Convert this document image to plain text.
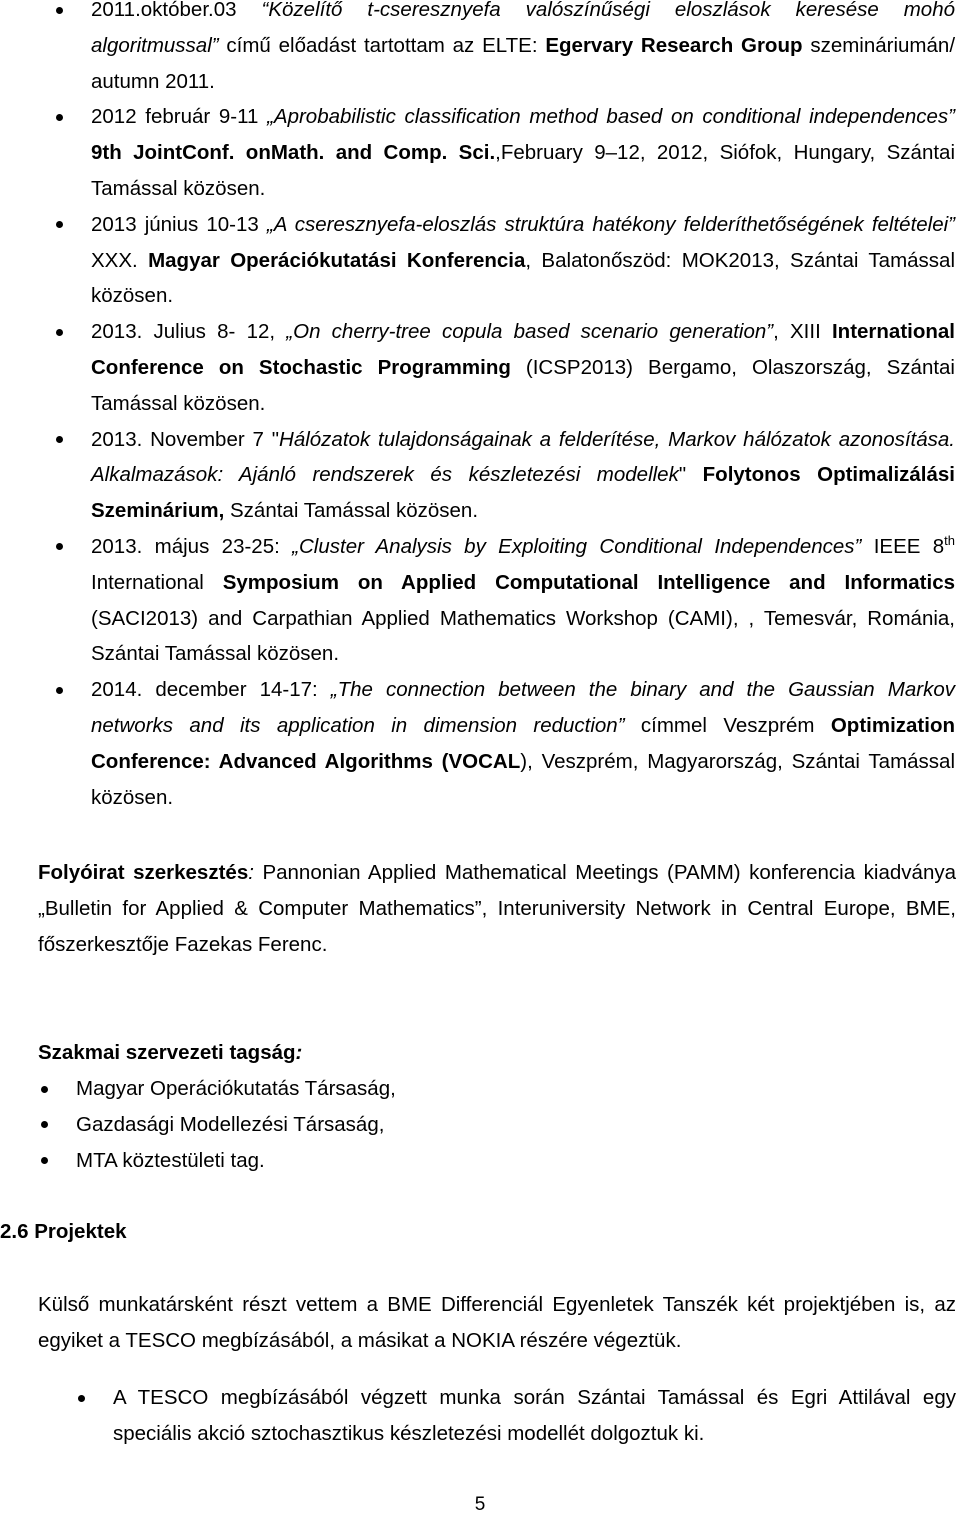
2011.október.03 “Közelítő t-cseresznyefa valószínűségi eloszlások keresése mohó algoritmussal” című előadást tartottam az ELTE: Egervary Research Group szemináriumán/ autumn 2011.
2012 február 9-11 „Aprobabilistic classification method based on conditional independences” 9th JointConf. onMath. and Comp. Sci.,February 9–12, 2012, Siófok, Hungary, Szántai Tamással közösen.
2013 június 10-13 „A cseresznyefa-eloszlás struktúra hatékony felderíthetőségének feltételei” XXX. Magyar Operációkutatási Konferencia, Balatonőszöd: MOK2013, Szántai Tamással közösen.
2013. Julius 8- 12, „On cherry-tree copula based scenario generation”, XIII International Conference on Stochastic Programming (ICSP2013) Bergamo, Olaszország, Szántai Tamással közösen.
2013. November 7 "Hálózatok tulajdonságainak a felderítése, Markov hálózatok azonosítása. Alkalmazások: Ajánló rendszerek és készletezési modellek" Folytonos Optimalizálási Szeminárium, Szántai Tamással közösen.
2013. május 23-25: „Cluster Analysis by Exploiting Conditional Independences” IEEE 8th International Symposium on Applied Computational Intelligence and Informatics (SACI2013) and Carpathian Applied Mathematics Workshop (CAMI), , Temesvár, Románia, Szántai Tamással közösen.
2014. december 14-17: „The connection between the binary and the Gaussian Markov networks and its application in dimension reduction” címmel Veszprém Optimization Conference: Advanced Algorithms (VOCAL), Veszprém, Magyarország, Szántai Tamással közösen.

Folyóirat szerkesztés: Pannonian Applied Mathematical Meetings (PAMM) konferencia kiadványa „Bulletin for Applied & Computer Mathematics”, Interuniversity Network in Central Europe, BME, főszerkesztője Fazekas Ferenc.

Szakmai szervezeti tagság:

Magyar Operációkutatás Társaság,
Gazdasági Modellezési Társaság,
MTA köztestületi tag.

2.6 Projektek

Külső munkatársként részt vettem a BME Differenciál Egyenletek Tanszék két projektjében is, az egyiket a TESCO megbízásából, a másikat a NOKIA részére végeztük.

A TESCO megbízásából végzett munka során Szántai Tamással és Egri Attilával egy speciális akció sztochasztikus készletezési modellét dolgoztuk ki.
5
